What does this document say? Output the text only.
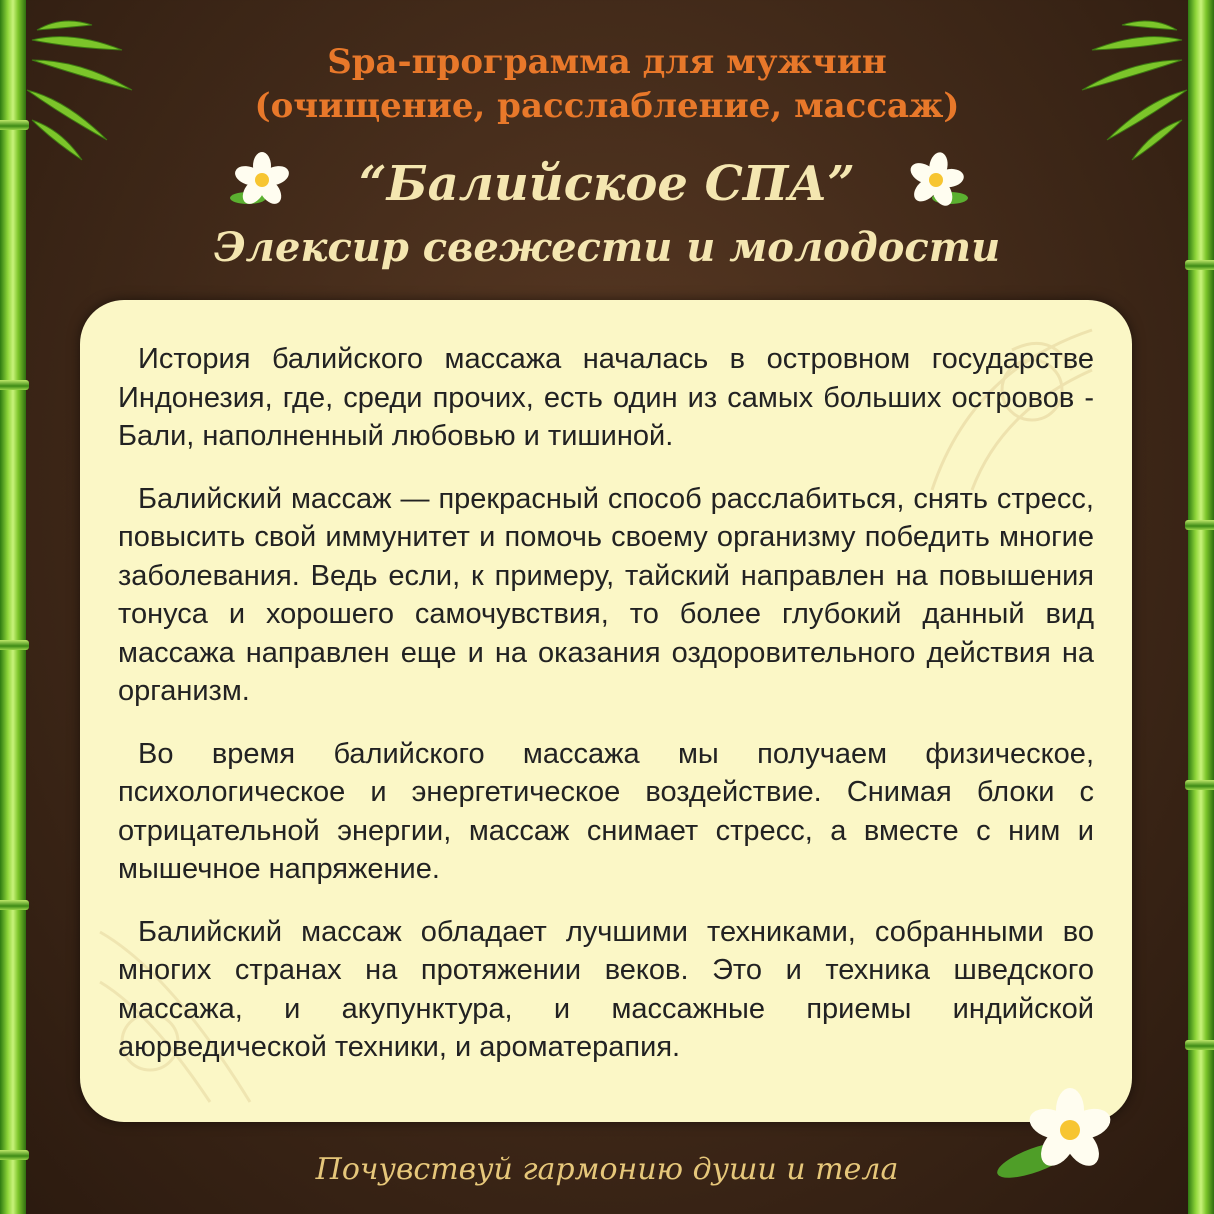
Spa-программа для мужчин
(очищение, расслабление, массаж)
“Балийское СПА”
Элексир свежести и молодости

История балийского массажа началась в островном государстве Индонезия, где, среди прочих, есть один из самых больших островов - Бали, наполненный любовью и тишиной.

Балийский массаж — прекрасный способ расслабиться, снять стресс, повысить свой иммунитет и помочь своему организму победить многие заболевания. Ведь если, к примеру, тайский направлен на повышения тонуса и хорошего самочувствия, то более глубокий данный вид массажа направлен еще и на оказания оздоровительного действия на организм.

Во время балийского массажа мы получаем физическое, психологическое и энергетическое воздействие. Снимая блоки с отрицательной энергии, массаж снимает стресс, а вместе с ним и мышечное напряжение.

Балийский массаж обладает лучшими техниками, собранными во многих странах на протяжении веков. Это и техника шведского массажа, и акупунктура, и массажные приемы индийской аюрведической техники, и ароматерапия.

Почувствуй гармонию души и тела
